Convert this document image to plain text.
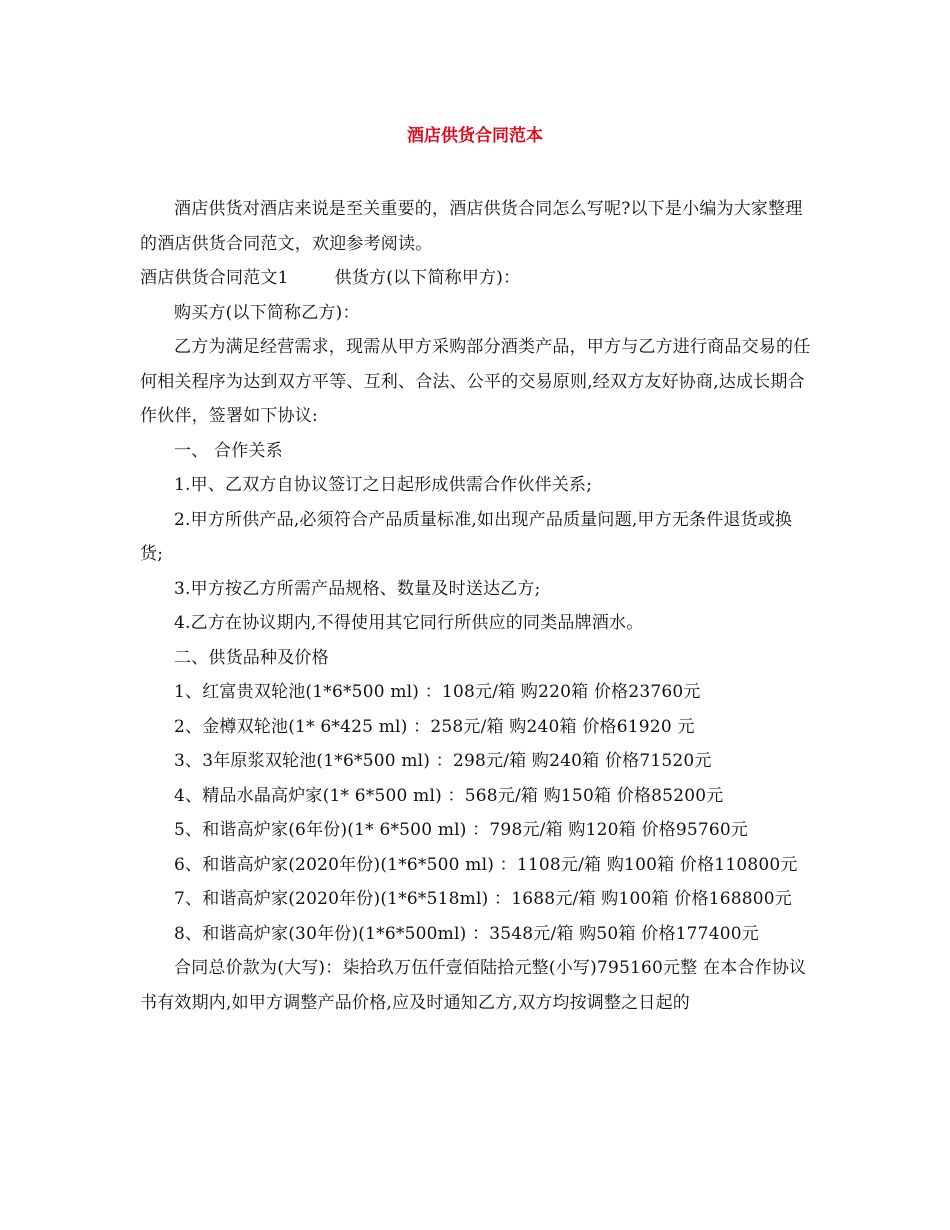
酒店供货合同范本

酒店供货对酒店来说是至关重要的，酒店供货合同怎么写呢?以下是小编为大家整理的酒店供货合同范文，欢迎参考阅读。

酒店供货合同范文1	供货方(以下简称甲方)：

购买方(以下简称乙方)：

乙方为满足经营需求，现需从甲方采购部分酒类产品，甲方与乙方进行商品交易的任何相关程序为达到双方平等、互利、合法、公平的交易原则,经双方友好协商,达成长期合作伙伴，签署如下协议:

一、 合作关系

1.甲、乙双方自协议签订之日起形成供需合作伙伴关系;

2.甲方所供产品,必须符合产品质量标准,如出现产品质量问题,甲方无条件退货或换货;

3.甲方按乙方所需产品规格、数量及时送达乙方;

4.乙方在协议期内,不得使用其它同行所供应的同类品牌酒水。

二、供货品种及价格

1、红富贵双轮池(1*6*500 ml) ：108元/箱 购220箱 价格23760元

2、金樽双轮池(1* 6*425 ml) ：258元/箱 购240箱 价格61920 元

3、3年原浆双轮池(1*6*500 ml) ：298元/箱 购240箱 价格71520元

4、精品水晶高炉家(1* 6*500 ml) ：568元/箱 购150箱 价格85200元

5、和谐高炉家(6年份)(1* 6*500 ml) ：798元/箱 购120箱 价格95760元

6、和谐高炉家(2020年份)(1*6*500 ml) ：1108元/箱 购100箱 价格110800元

7、和谐高炉家(2020年份)(1*6*518ml) ：1688元/箱 购100箱 价格168800元

8、和谐高炉家(30年份)(1*6*500ml) ：3548元/箱 购50箱 价格177400元

合同总价款为(大写)：柒拾玖万伍仟壹佰陆拾元整(小写)795160元整 在本合作协议书有效期内,如甲方调整产品价格,应及时通知乙方,双方均按调整之日起的
